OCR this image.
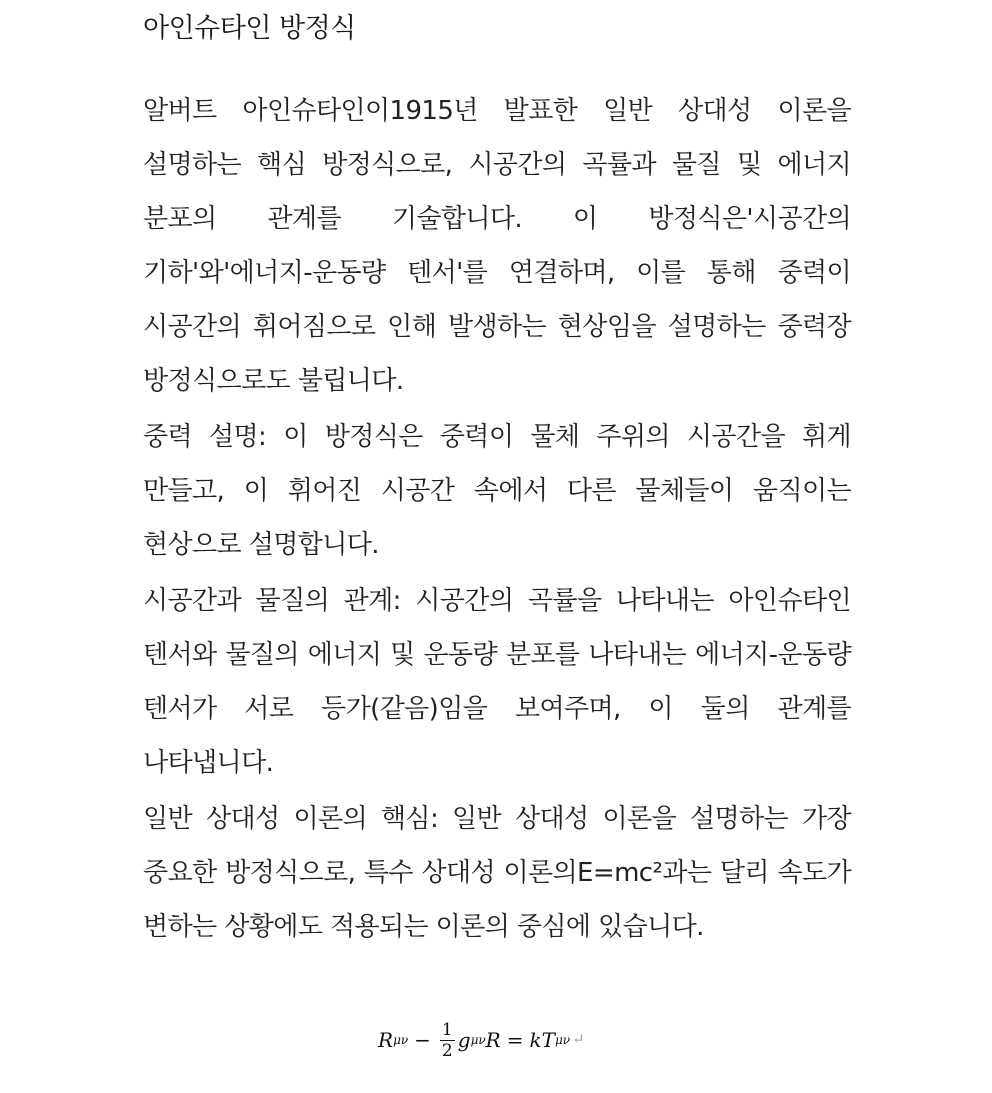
아인슈타인 방정식

알버트 아인슈타인이1915년 발표한 일반 상대성 이론을 설명하는 핵심 방정식으로, 시공간의 곡률과 물질 및 에너지 분포의 관계를 기술합니다. 이 방정식은'시공간의 기하'와'에너지-운동량 텐서'를 연결하며, 이를 통해 중력이 시공간의 휘어짐으로 인해 발생하는 현상임을 설명하는 중력장 방정식으로도 불립니다.

중력 설명: 이 방정식은 중력이 물체 주위의 시공간을 휘게 만들고, 이 휘어진 시공간 속에서 다른 물체들이 움직이는 현상으로 설명합니다.

시공간과 물질의 관계: 시공간의 곡률을 나타내는 아인슈타인 텐서와 물질의 에너지 및 운동량 분포를 나타내는 에너지-운동량 텐서가 서로 등가(같음)임을 보여주며, 이 둘의 관계를 나타냅니다.

일반 상대성 이론의 핵심: 일반 상대성 이론을 설명하는 가장 중요한 방정식으로, 특수 상대성 이론의E=mc²과는 달리 속도가 변하는 상황에도 적용되는 이론의 중심에 있습니다.

R $\mu\nu - \frac{1}{2}$ g μν R = k T μν ↵
